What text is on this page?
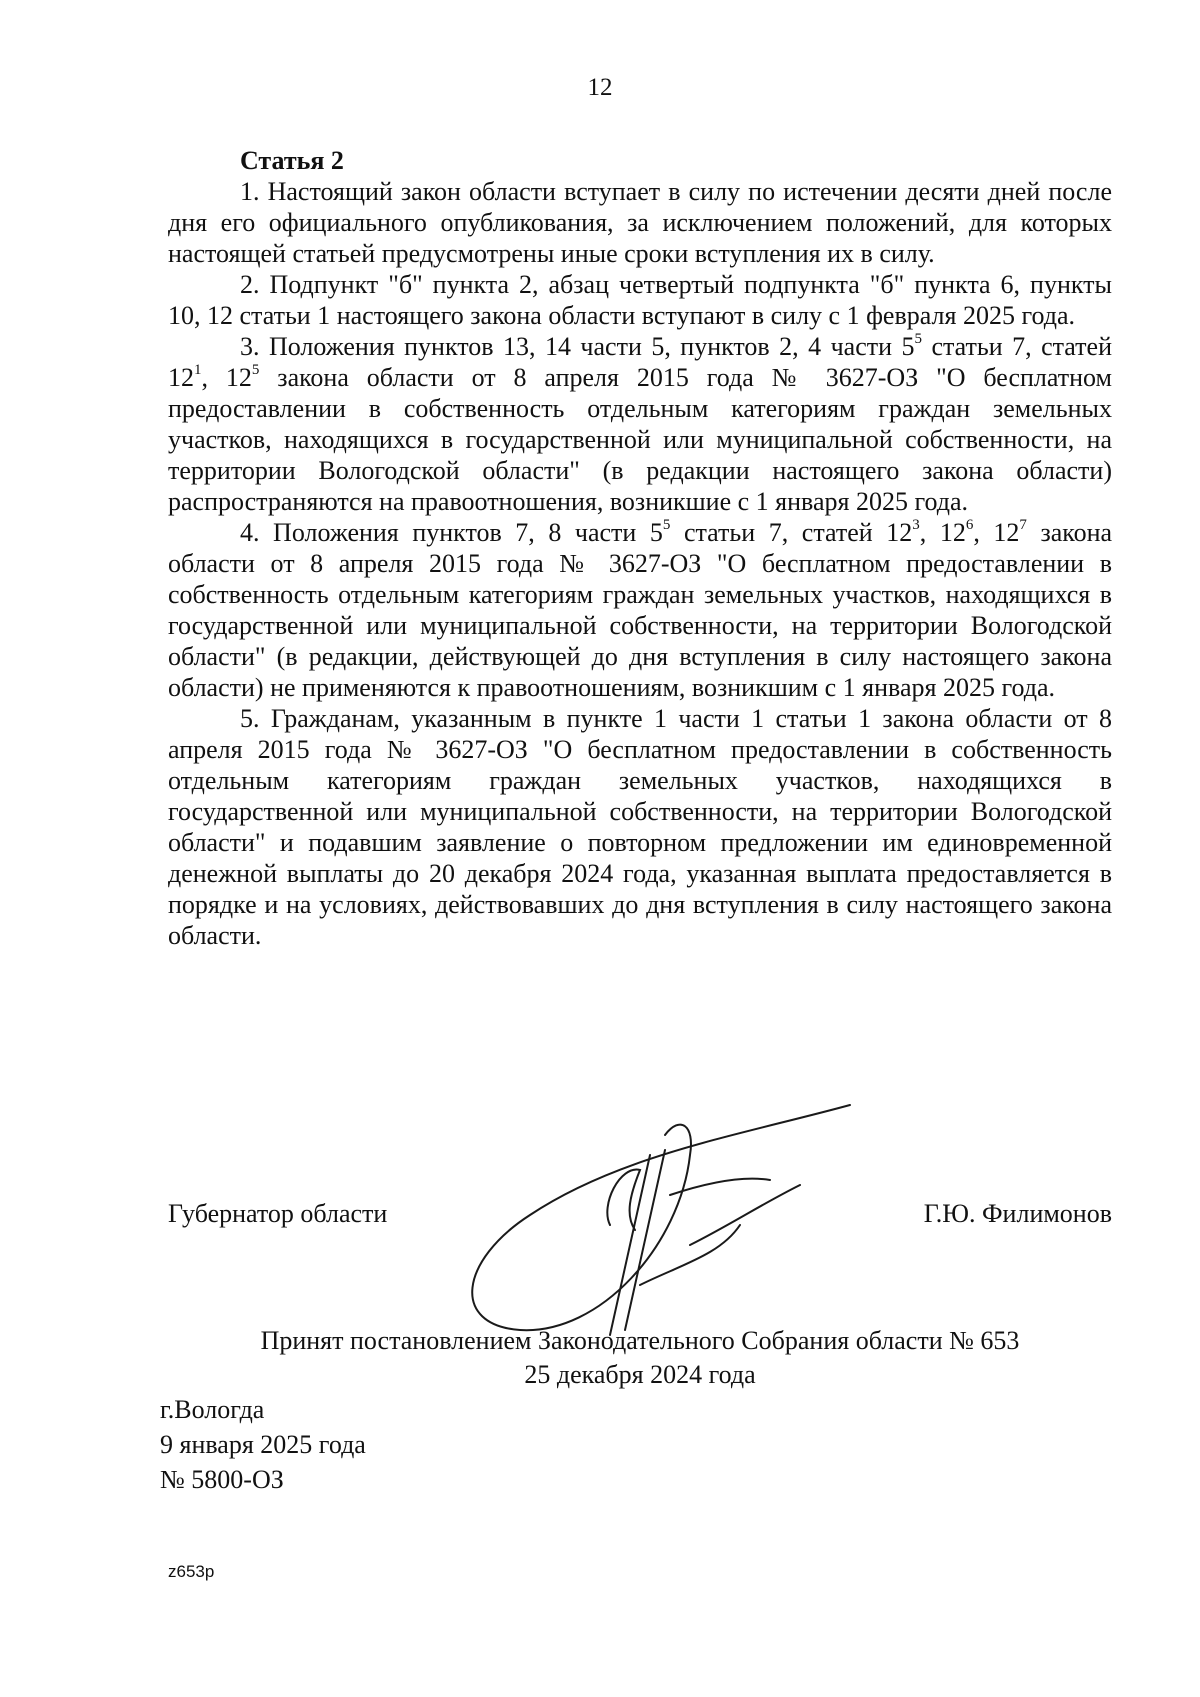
12
Статья 2

1. Настоящий закон области вступает в силу по истечении десяти дней после дня его официального опубликования, за исключением положений, для которых настоящей статьей предусмотрены иные сроки вступления их в силу.

2. Подпункт "б" пункта 2, абзац четвертый подпункта "б" пункта 6, пункты 10, 12 статьи 1 настоящего закона области вступают в силу с 1 февраля 2025 года.

3. Положения пунктов 13, 14 части 5, пунктов 2, 4 части $5^5$ статьи 7, статей $12^1$, $12^5$ закона области от 8 апреля 2015 года № 3627-ОЗ "О бесплатном предоставлении в собственность отдельным категориям граждан земельных участков, находящихся в государственной или муниципальной собственности, на территории Вологодской области" (в редакции настоящего закона области) распространяются на правоотношения, возникшие с 1 января 2025 года.

4. Положения пунктов 7, 8 части $5^5$ статьи 7, статей $12^3$, $12^6$, $12^7$ закона области от 8 апреля 2015 года № 3627-ОЗ "О бесплатном предоставлении в собственность отдельным категориям граждан земельных участков, находящихся в государственной или муниципальной собственности, на территории Вологодской области" (в редакции, действующей до дня вступления в силу настоящего закона области) не применяются к правоотношениям, возникшим с 1 января 2025 года.

5. Гражданам, указанным в пункте 1 части 1 статьи 1 закона области от 8 апреля 2015 года № 3627-ОЗ "О бесплатном предоставлении в собственность отдельным категориям граждан земельных участков, находящихся в государственной или муниципальной собственности, на территории Вологодской области" и подавшим заявление о повторном предложении им единовременной денежной выплаты до 20 декабря 2024 года, указанная выплата предоставляется в порядке и на условиях, действовавших до дня вступления в силу настоящего закона области.

Губернатор области	Г.Ю. Филимонов
Принят постановлением Законодательного Собрания области № 653
25 декабря 2024 года
г.Вологда
9 января 2025 года
№ 5800-ОЗ
z653p
